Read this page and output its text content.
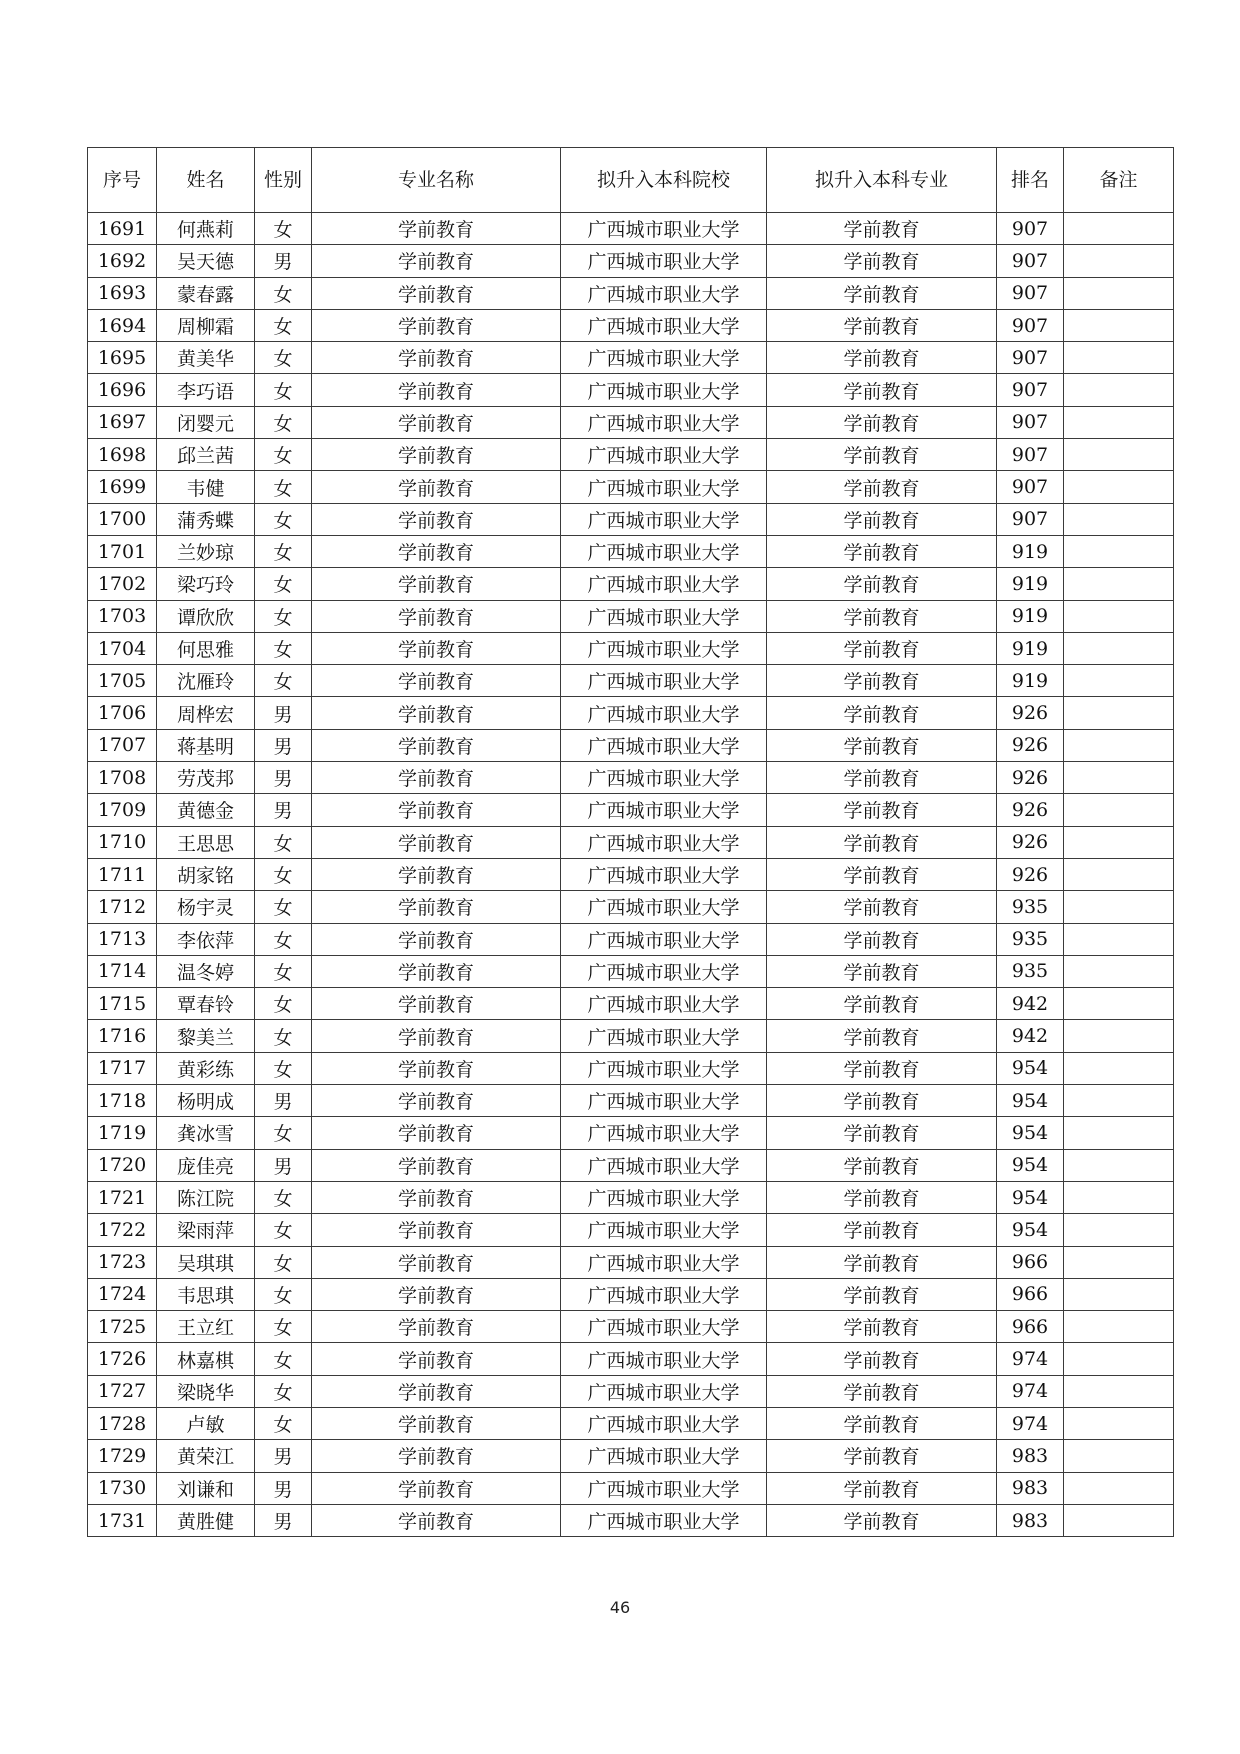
序号	姓名	性别	专业名称	拟升入本科院校	拟升入本科专业	排名	备注
1691	何燕莉	女	学前教育	广西城市职业大学	学前教育	907	
1692	吴天德	男	学前教育	广西城市职业大学	学前教育	907	
1693	蒙春露	女	学前教育	广西城市职业大学	学前教育	907	
1694	周柳霜	女	学前教育	广西城市职业大学	学前教育	907	
1695	黄美华	女	学前教育	广西城市职业大学	学前教育	907	
1696	李巧语	女	学前教育	广西城市职业大学	学前教育	907	
1697	闭婴元	女	学前教育	广西城市职业大学	学前教育	907	
1698	邱兰茜	女	学前教育	广西城市职业大学	学前教育	907	
1699	韦健	女	学前教育	广西城市职业大学	学前教育	907	
1700	蒲秀蝶	女	学前教育	广西城市职业大学	学前教育	907	
1701	兰妙琼	女	学前教育	广西城市职业大学	学前教育	919	
1702	梁巧玲	女	学前教育	广西城市职业大学	学前教育	919	
1703	谭欣欣	女	学前教育	广西城市职业大学	学前教育	919	
1704	何思雅	女	学前教育	广西城市职业大学	学前教育	919	
1705	沈雁玲	女	学前教育	广西城市职业大学	学前教育	919	
1706	周桦宏	男	学前教育	广西城市职业大学	学前教育	926	
1707	蒋基明	男	学前教育	广西城市职业大学	学前教育	926	
1708	劳茂邦	男	学前教育	广西城市职业大学	学前教育	926	
1709	黄德金	男	学前教育	广西城市职业大学	学前教育	926	
1710	王思思	女	学前教育	广西城市职业大学	学前教育	926	
1711	胡家铭	女	学前教育	广西城市职业大学	学前教育	926	
1712	杨宇灵	女	学前教育	广西城市职业大学	学前教育	935	
1713	李依萍	女	学前教育	广西城市职业大学	学前教育	935	
1714	温冬婷	女	学前教育	广西城市职业大学	学前教育	935	
1715	覃春铃	女	学前教育	广西城市职业大学	学前教育	942	
1716	黎美兰	女	学前教育	广西城市职业大学	学前教育	942	
1717	黄彩练	女	学前教育	广西城市职业大学	学前教育	954	
1718	杨明成	男	学前教育	广西城市职业大学	学前教育	954	
1719	龚冰雪	女	学前教育	广西城市职业大学	学前教育	954	
1720	庞佳亮	男	学前教育	广西城市职业大学	学前教育	954	
1721	陈江院	女	学前教育	广西城市职业大学	学前教育	954	
1722	梁雨萍	女	学前教育	广西城市职业大学	学前教育	954	
1723	吴琪琪	女	学前教育	广西城市职业大学	学前教育	966	
1724	韦思琪	女	学前教育	广西城市职业大学	学前教育	966	
1725	王立红	女	学前教育	广西城市职业大学	学前教育	966	
1726	林嘉棋	女	学前教育	广西城市职业大学	学前教育	974	
1727	梁晓华	女	学前教育	广西城市职业大学	学前教育	974	
1728	卢敏	女	学前教育	广西城市职业大学	学前教育	974	
1729	黄荣江	男	学前教育	广西城市职业大学	学前教育	983	
1730	刘谦和	男	学前教育	广西城市职业大学	学前教育	983	
1731	黄胜健	男	学前教育	广西城市职业大学	学前教育	983	
46
